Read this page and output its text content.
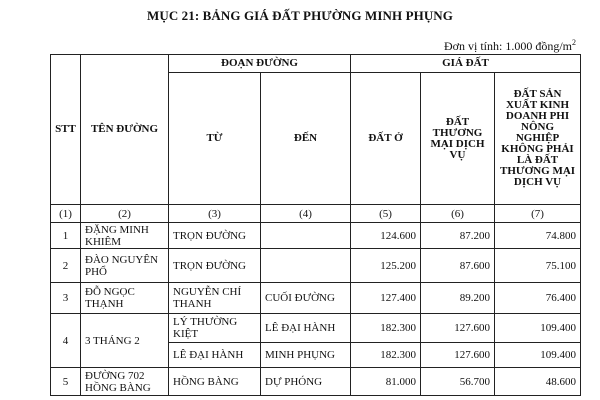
MỤC 21: BẢNG GIÁ ĐẤT PHƯỜNG MINH PHỤNG
Đơn vị tính: 1.000 đồng/$m^2$
STT	TÊN ĐƯỜNG	ĐOẠN ĐƯỜNG		GIÁ ĐẤT		
		TỪ	ĐẾN	ĐẤT Ở	ĐẤT THƯƠNG MẠI DỊCH VỤ	ĐẤT SẢN XUẤT KINH DOANH PHI NÔNG NGHIỆP KHÔNG PHẢI LÀ ĐẤT THƯƠNG MẠI DỊCH VỤ
(1)	(2)	(3)	(4)	(5)	(6)	(7)
1	ĐẶNG MINH KHIÊM	TRỌN ĐƯỜNG		124.600	87.200	74.800
2	ĐÀO NGUYÊN PHỔ	TRỌN ĐƯỜNG		125.200	87.600	75.100
3	ĐỖ NGỌC THẠNH	NGUYỄN CHÍ THANH	CUỐI ĐƯỜNG	127.400	89.200	76.400
4	3 THÁNG 2	LÝ THƯỜNG KIỆT	LÊ ĐẠI HÀNH	182.300	127.600	109.400
		LÊ ĐẠI HÀNH	MINH PHỤNG	182.300	127.600	109.400
5	ĐƯỜNG 702 HỒNG BÀNG	HỒNG BÀNG	DỰ PHÓNG	81.000	56.700	48.600
